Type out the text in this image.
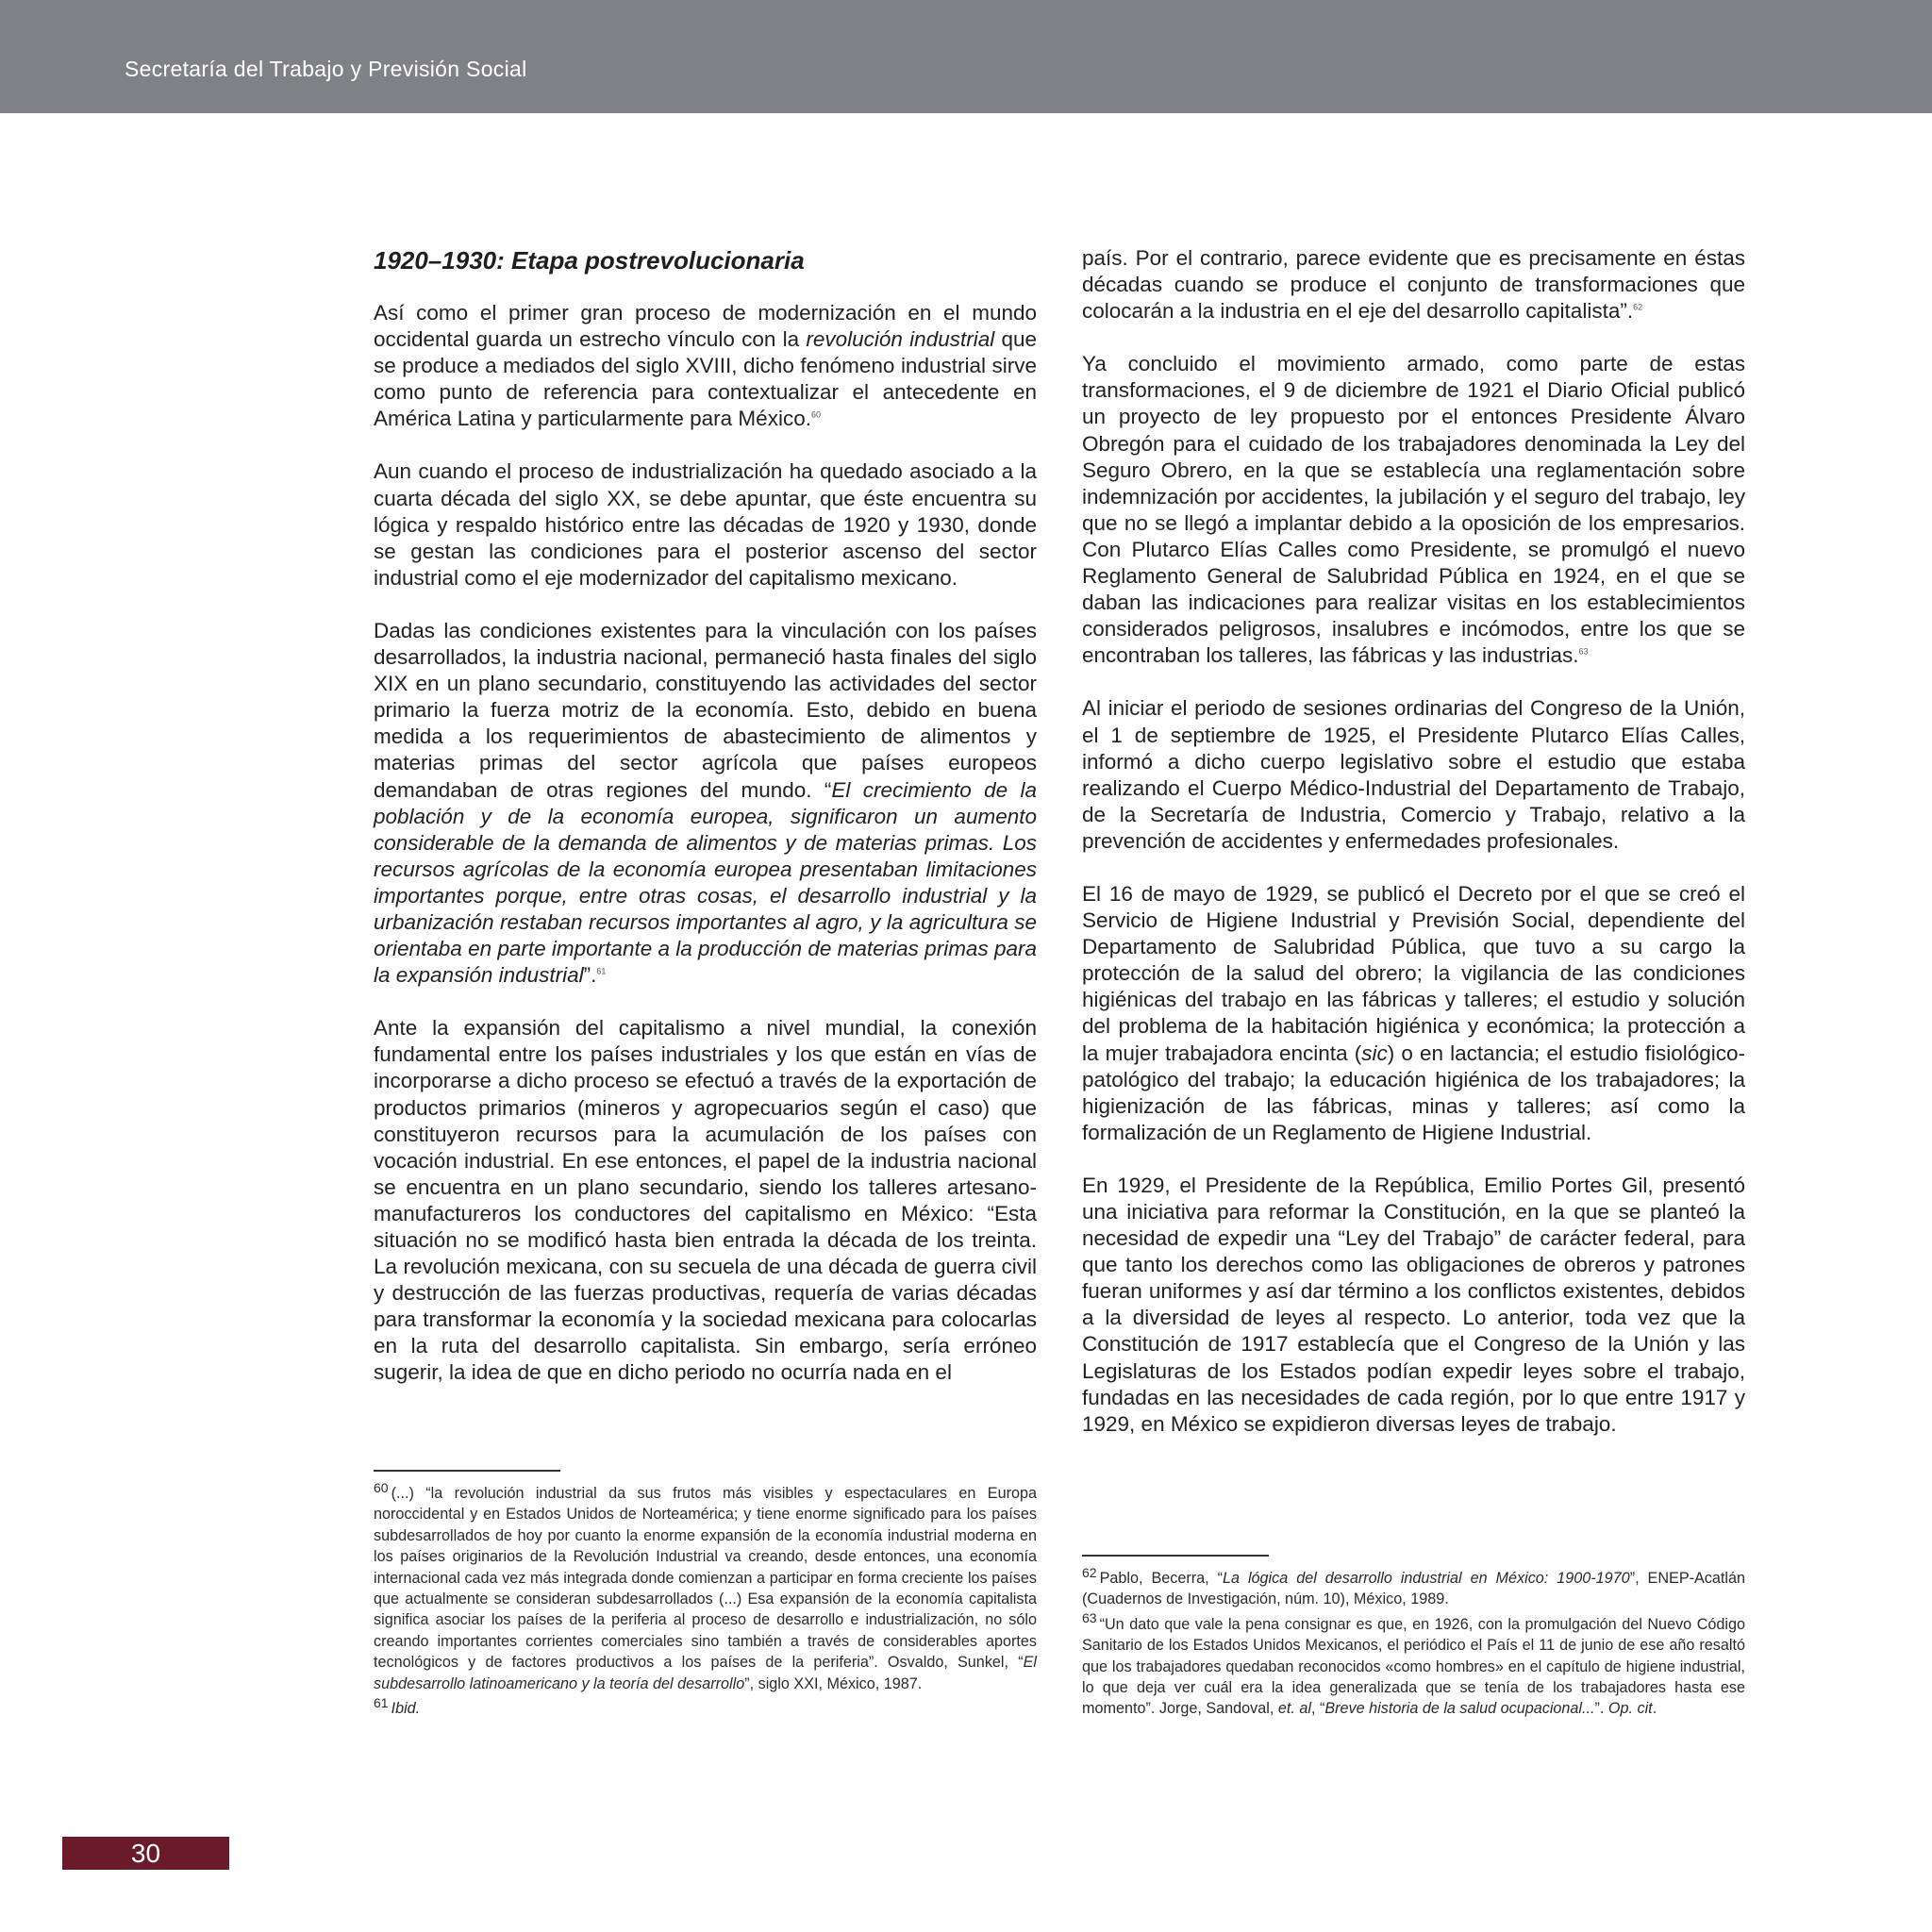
Secretaría del Trabajo y Previsión Social
1920–1930: Etapa postrevolucionaria

Así como el primer gran proceso de modernización en el mundo occidental guarda un estrecho vínculo con la revolución industrial que se produce a mediados del siglo XVIII, dicho fenómeno industrial sirve como punto de referencia para contextualizar el antecedente en América Latina y particularmente para México.$^{60}$

Aun cuando el proceso de industrialización ha quedado asociado a la cuarta década del siglo XX, se debe apuntar, que éste encuentra su lógica y respaldo histórico entre las décadas de 1920 y 1930, donde se gestan las condiciones para el posterior ascenso del sector industrial como el eje modernizador del capitalismo mexicano.

Dadas las condiciones existentes para la vinculación con los países desarrollados, la industria nacional, permaneció hasta finales del siglo XIX en un plano secundario, constituyendo las actividades del sector primario la fuerza motriz de la economía. Esto, debido en buena medida a los requerimientos de abastecimiento de alimentos y materias primas del sector agrícola que países europeos demandaban de otras regiones del mundo. “El crecimiento de la población y de la economía europea, significaron un aumento considerable de la demanda de alimentos y de materias primas. Los recursos agrícolas de la economía europea presentaban limitaciones importantes porque, entre otras cosas, el desarrollo industrial y la urbanización restaban recursos importantes al agro, y la agricultura se orientaba en parte importante a la producción de materias primas para la expansión industrial”.$^{61}$

Ante la expansión del capitalismo a nivel mundial, la conexión fundamental entre los países industriales y los que están en vías de incorporarse a dicho proceso se efectuó a través de la exportación de productos primarios (mineros y agropecuarios según el caso) que constituyeron recursos para la acumulación de los países con vocación industrial. En ese entonces, el papel de la industria nacional se encuentra en un plano secundario, siendo los talleres artesano-manufactureros los conductores del capitalismo en México: “Esta situación no se modificó hasta bien entrada la década de los treinta. La revolución mexicana, con su secuela de una década de guerra civil y destrucción de las fuerzas productivas, requería de varias décadas para transformar la economía y la sociedad mexicana para colocarlas en la ruta del desarrollo capitalista. Sin embargo, sería erróneo sugerir, la idea de que en dicho periodo no ocurría nada en el

país. Por el contrario, parece evidente que es precisamente en éstas décadas cuando se produce el conjunto de transformaciones que colocarán a la industria en el eje del desarrollo capitalista”.$^{62}$

Ya concluido el movimiento armado, como parte de estas transformaciones, el 9 de diciembre de 1921 el Diario Oficial publicó un proyecto de ley propuesto por el entonces Presidente Álvaro Obregón para el cuidado de los trabajadores denominada la Ley del Seguro Obrero, en la que se establecía una reglamentación sobre indemnización por accidentes, la jubilación y el seguro del trabajo, ley que no se llegó a implantar debido a la oposición de los empresarios. Con Plutarco Elías Calles como Presidente, se promulgó el nuevo Reglamento General de Salubridad Pública en 1924, en el que se daban las indicaciones para realizar visitas en los establecimientos considerados peligrosos, insalubres e incómodos, entre los que se encontraban los talleres, las fábricas y las industrias.$^{63}$

Al iniciar el periodo de sesiones ordinarias del Congreso de la Unión, el 1 de septiembre de 1925, el Presidente Plutarco Elías Calles, informó a dicho cuerpo legislativo sobre el estudio que estaba realizando el Cuerpo Médico-Industrial del Departamento de Trabajo, de la Secretaría de Industria, Comercio y Trabajo, relativo a la prevención de accidentes y enfermedades profesionales.

El 16 de mayo de 1929, se publicó el Decreto por el que se creó el Servicio de Higiene Industrial y Previsión Social, dependiente del Departamento de Salubridad Pública, que tuvo a su cargo la protección de la salud del obrero; la vigilancia de las condiciones higiénicas del trabajo en las fábricas y talleres; el estudio y solución del problema de la habitación higiénica y económica; la protección a la mujer trabajadora encinta (sic) o en lactancia; el estudio fisiológico-patológico del trabajo; la educación higiénica de los trabajadores; la higienización de las fábricas, minas y talleres; así como la formalización de un Reglamento de Higiene Industrial.

En 1929, el Presidente de la República, Emilio Portes Gil, presentó una iniciativa para reformar la Constitución, en la que se planteó la necesidad de expedir una “Ley del Trabajo” de carácter federal, para que tanto los derechos como las obligaciones de obreros y patrones fueran uniformes y así dar término a los conflictos existentes, debidos a la diversidad de leyes al respecto. Lo anterior, toda vez que la Constitución de 1917 establecía que el Congreso de la Unión y las Legislaturas de los Estados podían expedir leyes sobre el trabajo, fundadas en las necesidades de cada región, por lo que entre 1917 y 1929, en México se expidieron diversas leyes de trabajo.

60 (...) “la revolución industrial da sus frutos más visibles y espectaculares en Europa noroccidental y en Estados Unidos de Norteamérica; y tiene enorme significado para los países subdesarrollados de hoy por cuanto la enorme expansión de la economía industrial moderna en los países originarios de la Revolución Industrial va creando, desde entonces, una economía internacional cada vez más integrada donde comienzan a participar en forma creciente los países que actualmente se consideran subdesarrollados (...) Esa expansión de la economía capitalista significa asociar los países de la periferia al proceso de desarrollo e industrialización, no sólo creando importantes corrientes comerciales sino también a través de considerables aportes tecnológicos y de factores productivos a los países de la periferia”. Osvaldo, Sunkel, “El subdesarrollo latinoamericano y la teoría del desarrollo”, siglo XXI, México, 1987.

61 Ibid.

62 Pablo, Becerra, “La lógica del desarrollo industrial en México: 1900-1970”, ENEP-Acatlán (Cuadernos de Investigación, núm. 10), México, 1989.

63 “Un dato que vale la pena consignar es que, en 1926, con la promulgación del Nuevo Código Sanitario de los Estados Unidos Mexicanos, el periódico el País el 11 de junio de ese año resaltó que los trabajadores quedaban reconocidos «como hombres» en el capítulo de higiene industrial, lo que deja ver cuál era la idea generalizada que se tenía de los trabajadores hasta ese momento”. Jorge, Sandoval, et. al, “Breve historia de la salud ocupacional...”. Op. cit.

30
